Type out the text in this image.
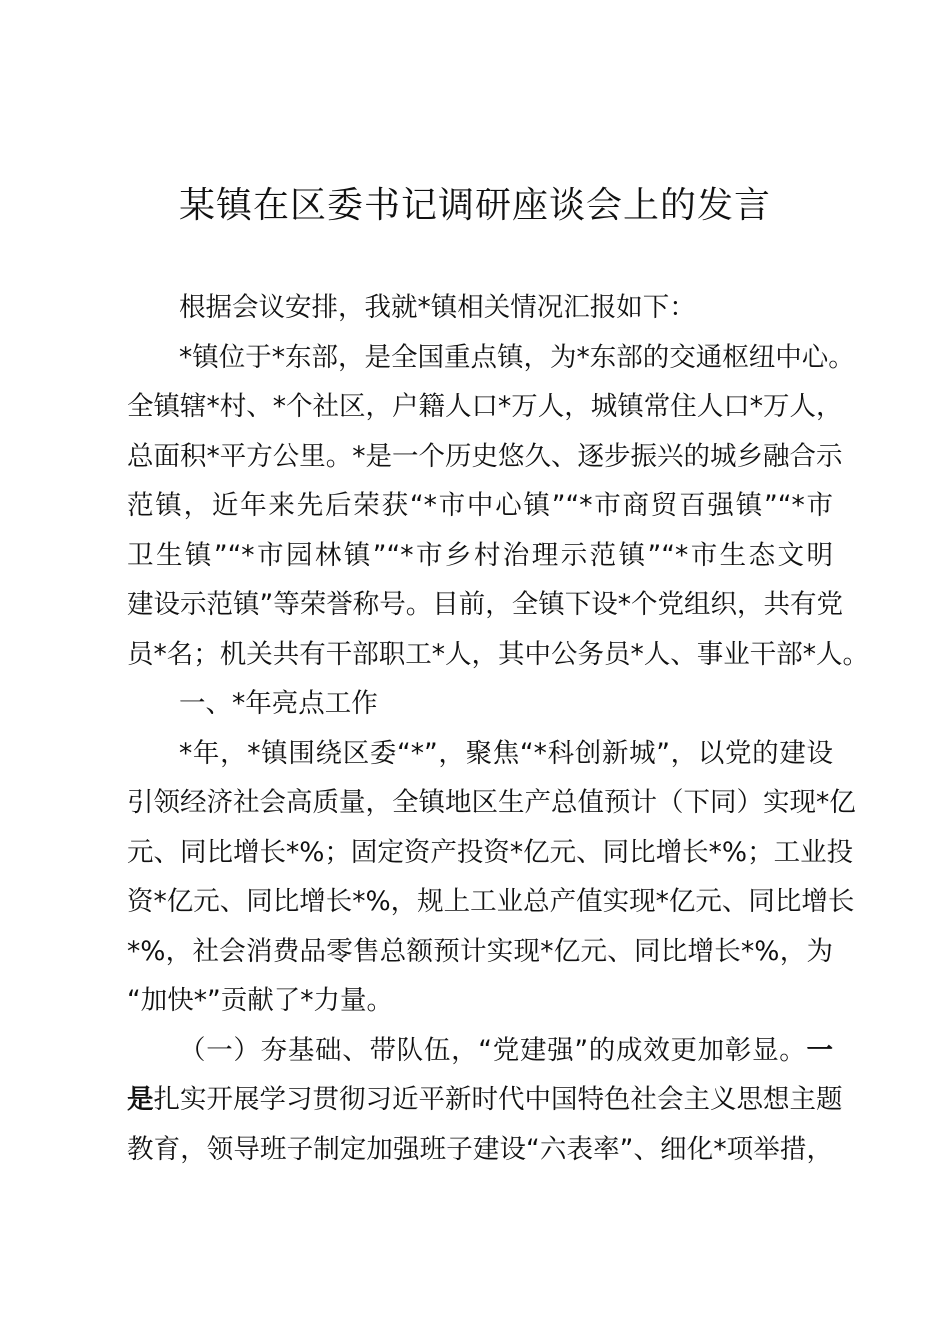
某镇在区委书记调研座谈会上的发言

根据会议安排，我就*镇相关情况汇报如下：

*镇位于*东部，是全国重点镇，为*东部的交通枢纽中心。
全镇辖*村、*个社区，户籍人口*万人，城镇常住人口*万人，
总面积*平方公里。*是一个历史悠久、逐步振兴的城乡融合示
范镇，近年来先后荣获“*市中心镇”“*市商贸百强镇”“*市
卫生镇”“*市园林镇”“*市乡村治理示范镇”“*市生态文明
建设示范镇”等荣誉称号。目前，全镇下设*个党组织，共有党
员*名；机关共有干部职工*人，其中公务员*人、事业干部*人。

一、*年亮点工作

*年，*镇围绕区委“*”，聚焦“*科创新城”，以党的建设
引领经济社会高质量，全镇地区生产总值预计（下同）实现*亿
元、同比增长*%；固定资产投资*亿元、同比增长*%；工业投
资*亿元、同比增长*%，规上工业总产值实现*亿元、同比增长
*%，社会消费品零售总额预计实现*亿元、同比增长*%，为
“加快*”贡献了*力量。

（一）夯基础、带队伍，“党建强”的成效更加彰显。一
是扎实开展学习贯彻习近平新时代中国特色社会主义思想主题
教育，领导班子制定加强班子建设“六表率”、细化*项举措，
